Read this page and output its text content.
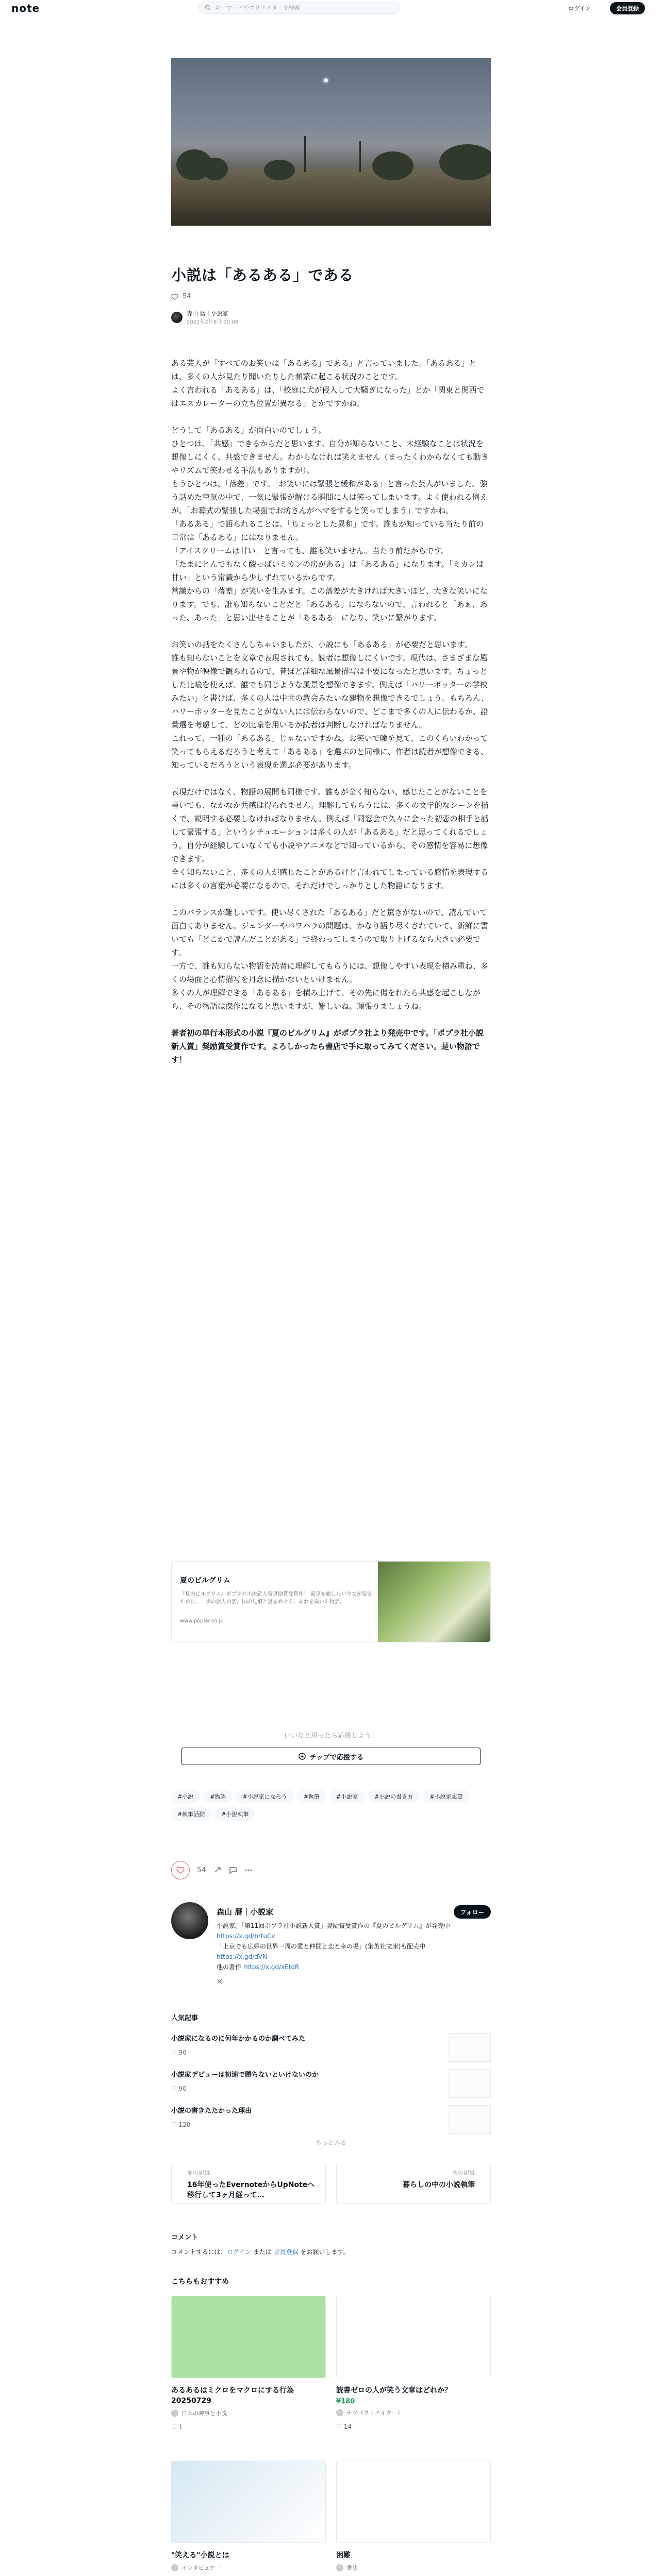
note	キーワードやクリエイターで検索	ログイン	会員登録
小説は「あるある」である
54
森山 暦｜小説家
2022年2月8日 00:00

ある芸人が「すべてのお笑いは「あるある」である」と言っていました。「あるある」とは、多くの人が見たり聞いたりした頻繁に起こる状況のことです。
よく言われる「あるある」は、「校庭に犬が侵入して大騒ぎになった」とか「関東と関西ではエスカレーターの立ち位置が異なる」とかですかね。

どうして「あるある」が面白いのでしょう。
ひとつは、「共感」できるからだと思います。自分が知らないこと、未経験なことは状況を想像しにくく、共感できません。わからなければ笑えません（まったくわからなくても動きやリズムで笑わせる手法もありますが）。
もうひとつは、「落差」です。「お笑いには緊張と緩和がある」と言った芸人がいました。強う話めた空気の中で、一気に緊張が解ける瞬間に人は笑ってしまいます。よく使われる例えが、「お葬式の緊張した場面でお坊さんがヘマをすると笑ってしまう」ですかね。
「あるある」で語られることは、「ちょっとした異和」です。誰もが知っている当たり前の日常は「あるある」にはなりません。
「アイスクリームは甘い」と言っても、誰も笑いません。当たり前だからです。
「たまにとんでもなく酸っぱいミカンの房がある」は「あるある」になります。「ミカンは甘い」という常識から少しずれているからです。
常識からの「落差」が笑いを生みます。この落差が大きければ大きいほど、大きな笑いになります。でも、誰も知らないことだと「あるある」にならないので、言われると「あぁ、あった、あった」と思い出せることが「あるある」になり、笑いに繋がります。

お笑いの話をたくさんしちゃいましたが、小説にも「あるある」が必要だと思います。
誰も知らないことを文章で表現されても、読者は想像しにくいです。現代は、さまざまな風景や物が映像で観られるので、昔ほど詳細な風景描写は不要になったと思います。ちょっとした比喩を使えば、誰でも同じような風景を想像できます。例えば「ハリーポッターの学校みたい」と書けば、多くの人は中世の教会みたいな建物を想像できるでしょう。もちろん、ハリーポッターを見たことがない人には伝わらないので、どこまで多くの人に伝わるか、語彙選を考慮して、どの比喩を用いるか読者は判断しなければなりません。
これって、一種の「あるある」じゃないですかね。お笑いで喩を見て、このくらいわかって笑ってもらえるだろうと考えて「あるある」を選ぶのと同様に、作者は読者が想像できる、知っているだろうという表現を選ぶ必要があります。

表現だけではなく、物語の展開も同様です。誰もが全く知らない、感じたことがないことを書いても、なかなか共感は得られません。理解してもらうには、多くの文学的なシーンを描くで、説明する必要しなければなりません。例えば「同窓会で久々に会った初恋の相手と話して緊張する」というシチュエーションは多くの人が「あるある」だと思ってくれるでしょう。自分が経験していなくても小説やアニメなどで知っているから、その感情を容易に想像できます。
全く知らないこと、多くの人が感じたことがあるけど言われてしまっている感情を表現するには多くの言葉が必要になるので、それだけでしっかりとした物語になります。

このバランスが難しいです。使い尽くされた「あるある」だと驚きがないので、読んでいて面白くありません。ジェンダーやパワハラの問題は、かなり語り尽くされていて、新鮮に書いても「どこかで読んだことがある」で終わってしまうので取り上げるなら大きい必要です。
一方で、誰も知らない物語を読者に理解してもらうには、想像しやすい表現を積み重ね、多くの場面と心情描写を丹念に描かないといけません。
多くの人が理解できる「あるある」を積み上げて、その先に傷をれたら共感を起こしながら、その物語は傑作になると思いますが、難しいね。頑張りましょうね。

著者初の単行本形式の小説『夏のビルグリム』がポプラ社より発売中です。「ポプラ社小説新人賞」奨励賞受賞作です。よろしかったら書店で手に取ってみてください。是い物語です！

夏のビルグリム
『夏のビルグリム』ポプラ社小説新人賞奨励賞受賞作！ 東京を旅したい少女が宿るために、一歩の旅人の姿。国の見解と夏をめぐる、あわを描いた物語。
www.poplar.co.jp
いいなと思ったら応援しよう！
チップで応援する
#小説	#物語	#小説家になろう	#執筆	#小説家	#小説の書き方	#小説家志望
#執筆活動	#小説執筆
54
森山 暦｜小説家	フォロー
小説家。「第11回ポプラ社小説新人賞」奨励賞受賞作の『夏のビルグリム』が発売中 https://x.gd/brtuCv
「上京でも広県の世界一周の愛と仲間と恋と幸の場」(集英社文庫)も配売中 https://x.gd/dVN
他の著作 https://x.gd/xEtdR
人気記事
小説家になるのに何年かかるのか調べてみた
♡ 90
小説家デビューは初速で勝ちないといけないのか
♡ 90
小説の書きたたかった理由
♡ 120
もっとみる
前の記事
16年使ったEvernoteからUpNoteへ移行して3ヶ月経って…
次の記事
暮らしの中の小説執筆
コメント
コメントするには、ログイン または 会員登録 をお願いします。
こちらもおすすめ
あるあるはミクロをマクロにする行為 20250729
日本の時事と小説
♡ 1
読書ゼロの人が笑う文章はどれか？
¥180
ナツ（クリエイター）
♡ 14
"笑える"小説とは
インタビュアー
困難
書法
